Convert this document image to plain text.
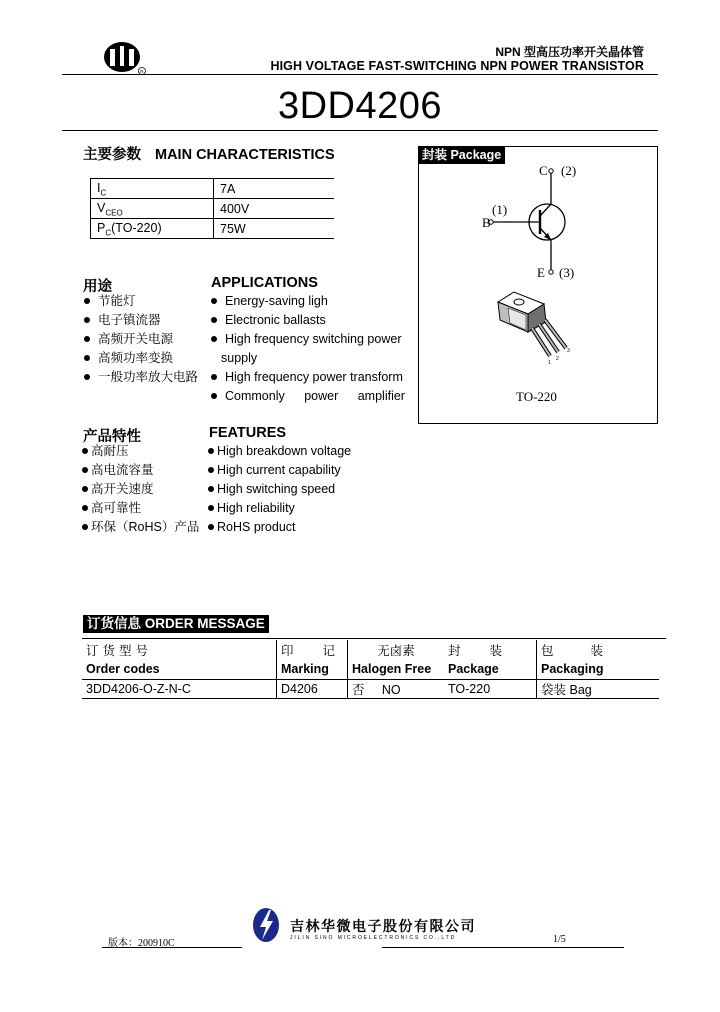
R
NPN 型高压功率开关晶体管
HIGH VOLTAGE FAST-SWITCHING NPN POWER TRANSISTOR
3DD4206
主要参数 MAIN CHARACTERISTICS
$I_C$	7A
$V_{CEO}$	400V
$P_C(TO-220)$	75W
封装 Package
C (2)
B
(1)
E (3)
1
2
3
TO-220
用途	APPLICATIONS
节能灯
电子镇流器
高频开关电源
高频功率变换
一般功率放大电路
Energy-saving ligh
Electronic ballasts
High frequency switching power
supply
High frequency power transform
Commonly power amplifier
产品特性	FEATURES
高耐压
高电流容量
高开关速度
高可靠性
环保（RoHS）产品
High breakdown voltage
High current capability
High switching speed
High reliability
RoHS product
订货信息 ORDER MESSAGE
订 货 型 号	印 记	无卤素	封 装	包 装

Order codes	Marking	Halogen Free	Package	Packaging
3DD4206-O-Z-N-C	D4206	否 NO	TO-220	袋装 Bag
吉林华微电子股份有限公司
JILIN SINO MICROELECTRONICS CO.,LTD
版本：200910C	1/5
